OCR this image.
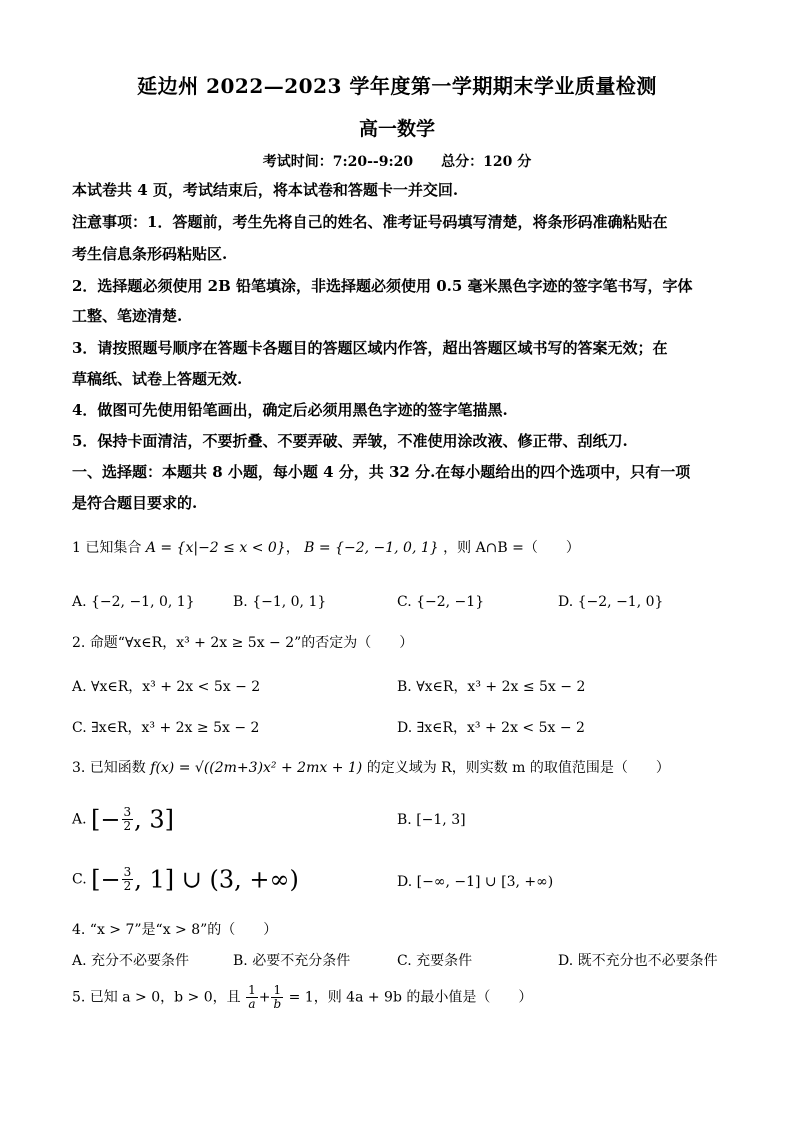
延边州 2022—2023 学年度第一学期期末学业质量检测
高一数学
考试时间：7:20--9:20　　总分：120 分
本试卷共 4 页，考试结束后，将本试卷和答题卡一并交回.
注意事项：1．答题前，考生先将自己的姓名、准考证号码填写清楚，将条形码准确粘贴在
考生信息条形码粘贴区.
2．选择题必须使用 2B 铅笔填涂，非选择题必须使用 0.5 毫米黑色字迹的签字笔书写，字体
工整、笔迹清楚.
3．请按照题号顺序在答题卡各题目的答题区域内作答，超出答题区域书写的答案无效；在
草稿纸、试卷上答题无效.
4．做图可先使用铅笔画出，确定后必须用黑色字迹的签字笔描黑.
5．保持卡面清洁，不要折叠、不要弄破、弄皱，不准使用涂改液、修正带、刮纸刀.
一、选择题：本题共 8 小题，每小题 4 分，共 32 分.在每小题给出的四个选项中，只有一项
是符合题目要求的.
1 已知集合 A = {x|−2 ≤ x < 0}， B = {−2, −1, 0, 1} ，则 A∩B =（　　）
A. {−2, −1, 0, 1}	B. {−1, 0, 1}	C. {−2, −1}	D. {−2, −1, 0}
2. 命题“∀x∈R，x³ + 2x ≥ 5x − 2”的否定为（　　）
A. ∀x∈R，x³ + 2x < 5x − 2	B. ∀x∈R，x³ + 2x ≤ 5x − 2
C. ∃x∈R，x³ + 2x ≥ 5x − 2	D. ∃x∈R，x³ + 2x < 5x − 2
3. 已知函数 f(x) = √((2m+3)x² + 2mx + 1) 的定义域为 R，则实数 m 的取值范围是（　　）
A. [− $\frac{3}{2}$ , 3]	B. [−1, 3]
C. [− $\frac{3}{2}$ , 1] ∪ (3, +∞)	D. [−∞, −1] ∪ [3, +∞)
4. “x > 7”是“x > 8”的（　　）
A. 充分不必要条件	B. 必要不充分条件	C. 充要条件	D. 既不充分也不必要条件
5. 已知 a > 0，b > 0，且 $\frac{1}{a} + \frac{1}{b} = 1$，则 4a + 9b 的最小值是（　　）
